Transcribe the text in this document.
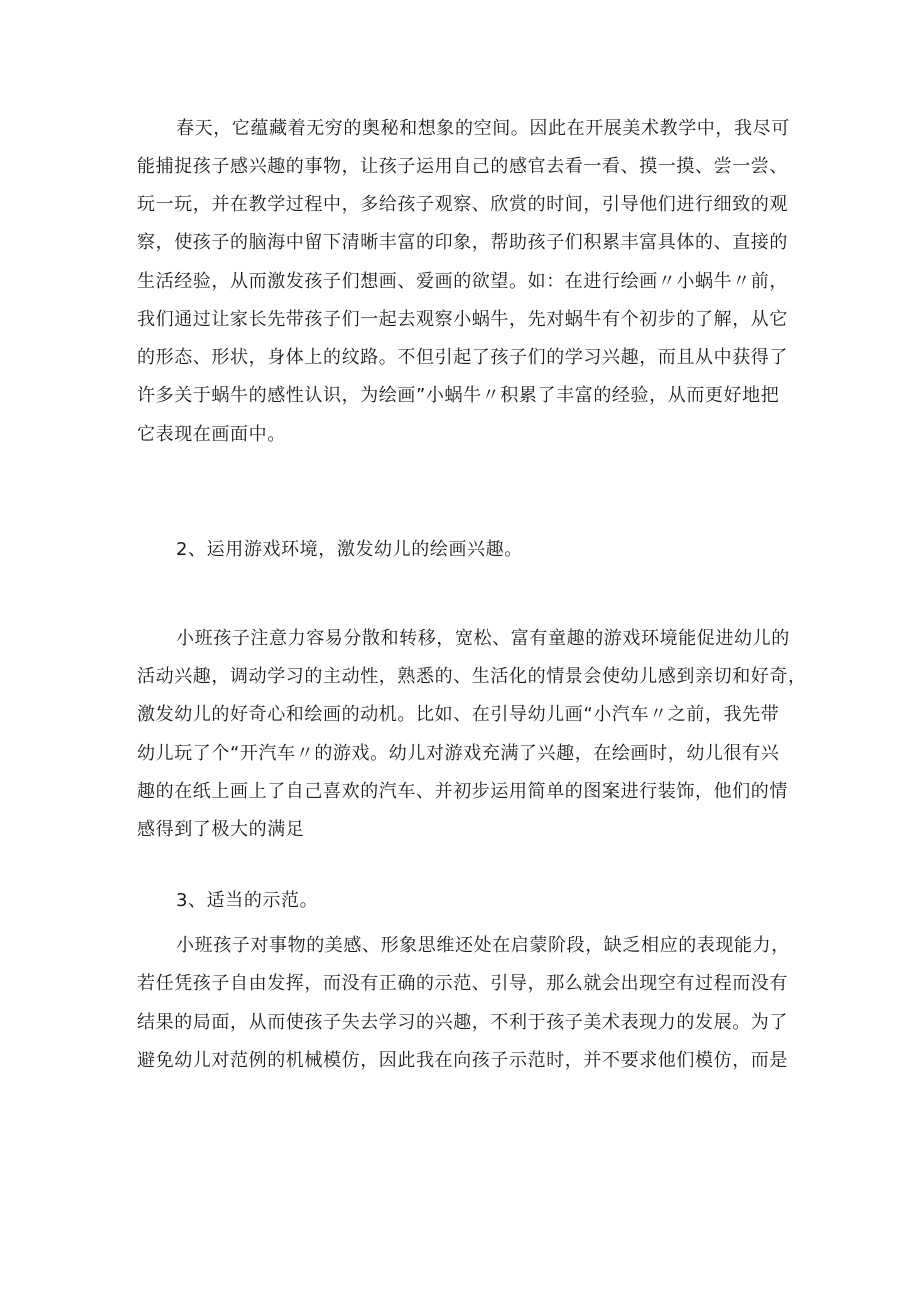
春天，它蕴藏着无穷的奥秘和想象的空间。因此在开展美术教学中，我尽可

能捕捉孩子感兴趣的事物，让孩子运用自己的感官去看一看、摸一摸、尝一尝、

玩一玩，并在教学过程中，多给孩子观察、欣赏的时间，引导他们进行细致的观

察，使孩子的脑海中留下清晰丰富的印象，帮助孩子们积累丰富具体的、直接的

生活经验，从而激发孩子们想画、爱画的欲望。如：在进行绘画〃小蜗牛〃前，

我们通过让家长先带孩子们一起去观察小蜗牛，先对蜗牛有个初步的了解，从它

的形态、形状，身体上的纹路。不但引起了孩子们的学习兴趣，而且从中获得了

许多关于蜗牛的感性认识，为绘画”小蜗牛〃积累了丰富的经验，从而更好地把

它表现在画面中。

2、运用游戏环境，激发幼儿的绘画兴趣。

小班孩子注意力容易分散和转移，宽松、富有童趣的游戏环境能促进幼儿的

活动兴趣，调动学习的主动性，熟悉的、生活化的情景会使幼儿感到亲切和好奇，

激发幼儿的好奇心和绘画的动机。比如、在引导幼儿画“小汽车〃之前，我先带

幼儿玩了个“开汽车〃的游戏。幼儿对游戏充满了兴趣，在绘画时，幼儿很有兴

趣的在纸上画上了自己喜欢的汽车、并初步运用简单的图案进行装饰，他们的情

感得到了极大的满足

3、适当的示范。

小班孩子对事物的美感、形象思维还处在启蒙阶段，缺乏相应的表现能力，

若任凭孩子自由发挥，而没有正确的示范、引导，那么就会出现空有过程而没有

结果的局面，从而使孩子失去学习的兴趣，不利于孩子美术表现力的发展。为了

避免幼儿对范例的机械模仿，因此我在向孩子示范时，并不要求他们模仿，而是
